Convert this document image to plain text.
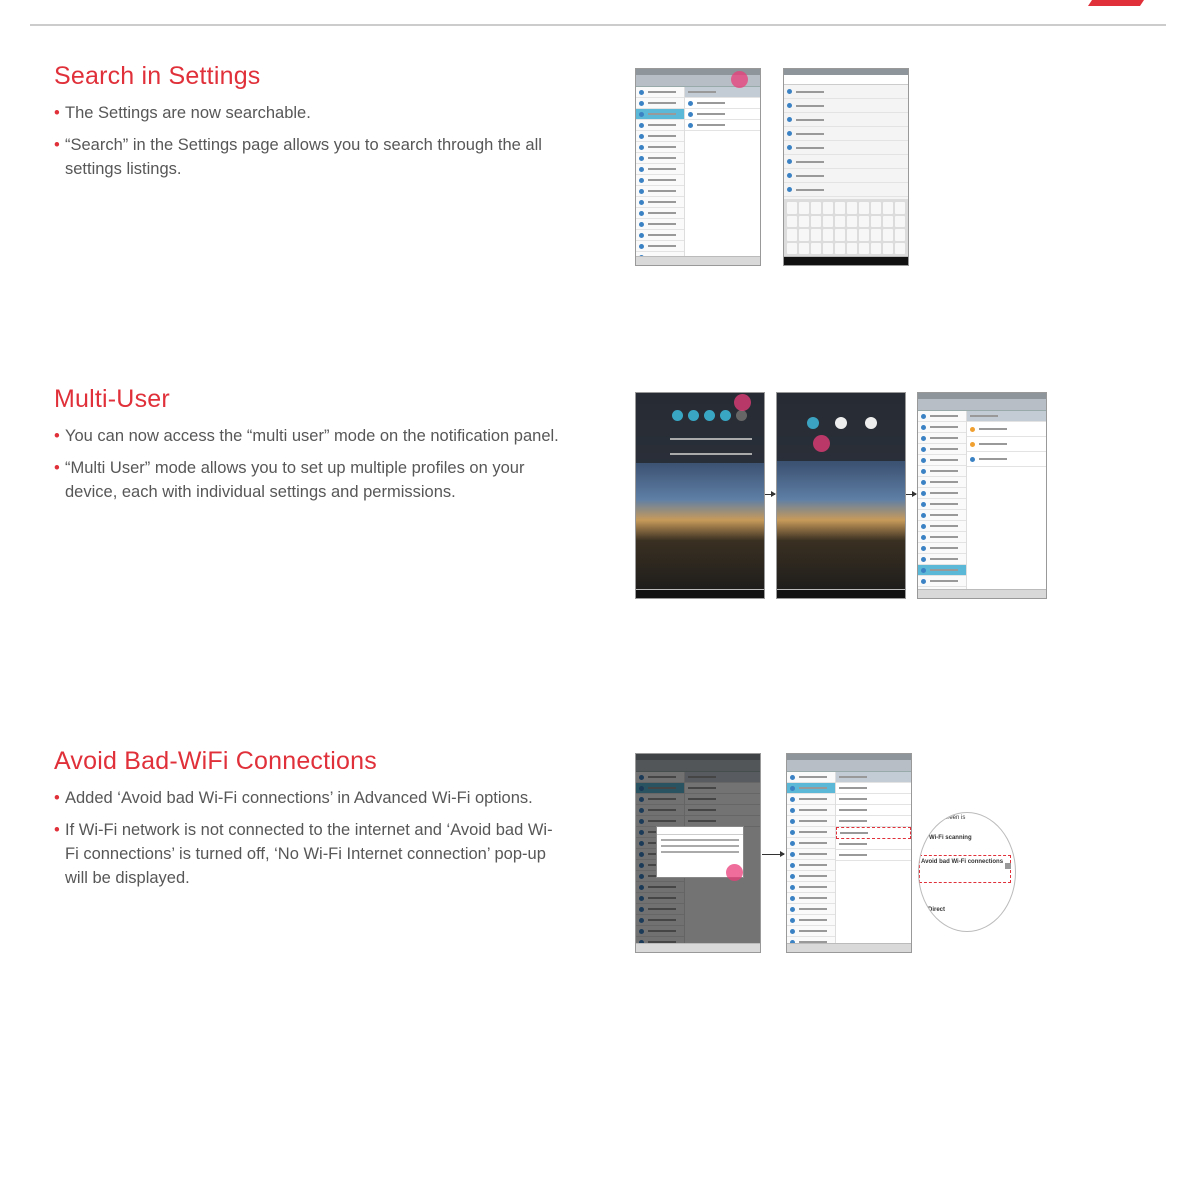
Search in Settings
• The Settings are now searchable.
• “Search” in the Settings page allows you to search through the all settings listings.
Multi-User
• You can now access the “multi user” mode on the notification panel.
• “Multi User” mode allows you to set up multiple profiles on your device, each with individual settings and permissions.
Avoid Bad-WiFi Connections
• Added ‘Avoid bad Wi-Fi connections’ in Advanced Wi-Fi options.
• If Wi-Fi network is not connected to the internet and ‘Avoid bad Wi-Fi connections’ is turned off, ‘No Wi-Fi Internet connection’ pop-up will be displayed.
en screen is
ow Wi-Fi scanning
Avoid bad Wi-Fi connections
Fi Direct
